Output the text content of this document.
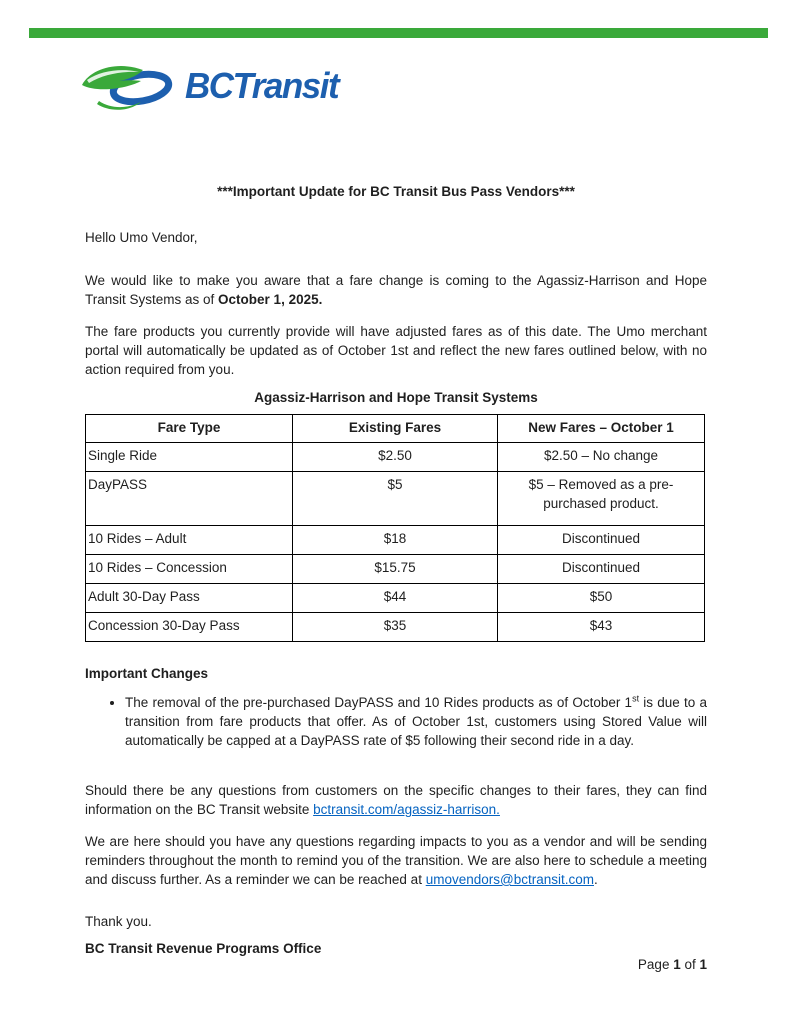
BCTransit
***Important Update for BC Transit Bus Pass Vendors***
Hello Umo Vendor,
We would like to make you aware that a fare change is coming to the Agassiz-Harrison and Hope Transit Systems as of October 1, 2025.
The fare products you currently provide will have adjusted fares as of this date. The Umo merchant portal will automatically be updated as of October 1st and reflect the new fares outlined below, with no action required from you.
Agassiz-Harrison and Hope Transit Systems
Fare Type	Existing Fares	New Fares – October 1
Single Ride	$2.50	$2.50 – No change
DayPASS	$5	$5 – Removed as a pre-purchased product.
10 Rides – Adult	$18	Discontinued
10 Rides – Concession	$15.75	Discontinued
Adult 30-Day Pass	$44	$50
Concession 30-Day Pass	$35	$43
Important Changes
• The removal of the pre-purchased DayPASS and 10 Rides products as of October 1st is due to a transition from fare products that offer. As of October 1st, customers using Stored Value will automatically be capped at a DayPASS rate of $5 following their second ride in a day.
Should there be any questions from customers on the specific changes to their fares, they can find information on the BC Transit website bctransit.com/agassiz-harrison.
We are here should you have any questions regarding impacts to you as a vendor and will be sending reminders throughout the month to remind you of the transition. We are also here to schedule a meeting and discuss further. As a reminder we can be reached at umovendors@bctransit.com.
Thank you.
BC Transit Revenue Programs Office
Page 1 of 1
